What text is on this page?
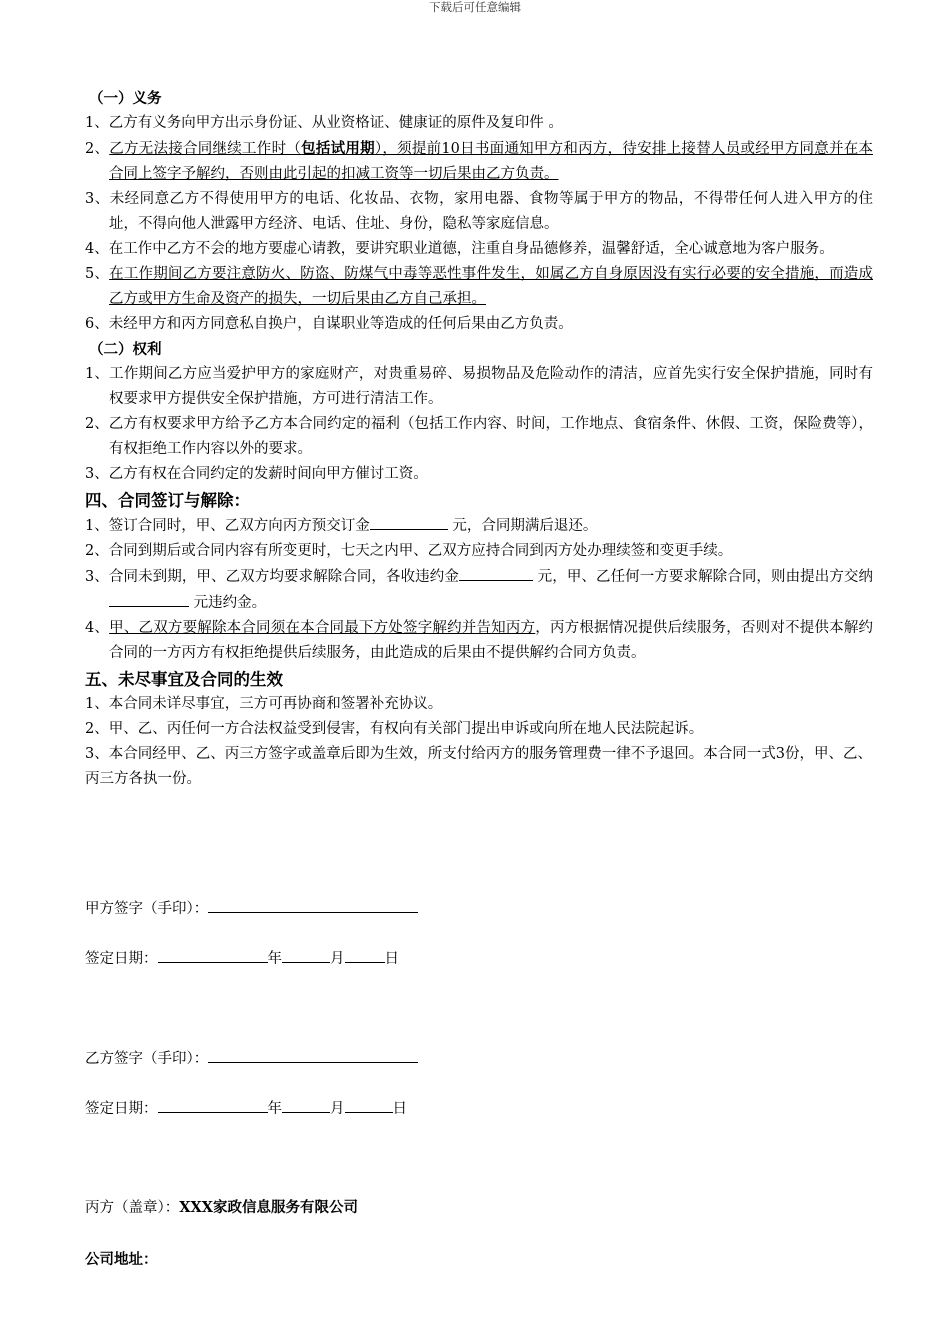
下载后可任意编辑
（一）义务
1、乙方有义务向甲方出示身份证、从业资格证、健康证的原件及复印件 。
2、乙方无法接合同继续工作时（包括试用期），须提前10日书面通知甲方和丙方，待安排上接替人员或经甲方同意并在本合同上签字予解约，否则由此引起的扣减工资等一切后果由乙方负责。
3、未经同意乙方不得使用甲方的电话、化妆品、衣物，家用电器、食物等属于甲方的物品，不得带任何人进入甲方的住址，不得向他人泄露甲方经济、电话、住址、身份，隐私等家庭信息。
4、在工作中乙方不会的地方要虚心请教，要讲究职业道德，注重自身品德修养，温馨舒适，全心诚意地为客户服务。
5、在工作期间乙方要注意防火、防盗、防煤气中毒等恶性事件发生，如属乙方自身原因没有实行必要的安全措施，而造成乙方或甲方生命及资产的损失，一切后果由乙方自己承担。
6、未经甲方和丙方同意私自换户，自谋职业等造成的任何后果由乙方负责。
（二）权利
1、工作期间乙方应当爱护甲方的家庭财产，对贵重易碎、易损物品及危险动作的清洁，应首先实行安全保护措施，同时有权要求甲方提供安全保护措施，方可进行清洁工作。
2、乙方有权要求甲方给予乙方本合同约定的福利（包括工作内容、时间，工作地点、食宿条件、休假、工资，保险费等），有权拒绝工作内容以外的要求。
3、乙方有权在合同约定的发薪时间向甲方催讨工资。
四、合同签订与解除：
1、签订合同时，甲、乙双方向丙方预交订金	元，合同期满后退还。
2、合同到期后或合同内容有所变更时，七天之内甲、乙双方应持合同到丙方处办理续签和变更手续。
3、合同未到期，甲、乙双方均要求解除合同，各收违约金	元，甲、乙任何一方要求解除合同，则由提出方交纳 元违约金。
4、甲、乙双方要解除本合同须在本合同最下方处签字解约并告知丙方，丙方根据情况提供后续服务，否则对不提供本解约合同的一方丙方有权拒绝提供后续服务，由此造成的后果由不提供解约合同方负责。
五、未尽事宜及合同的生效
1、本合同未详尽事宜，三方可再协商和签署补充协议。
2、甲、乙、丙任何一方合法权益受到侵害，有权向有关部门提出申诉或向所在地人民法院起诉。
3、本合同经甲、乙、丙三方签字或盖章后即为生效，所支付给丙方的服务管理费一律不予退回。本合同一式3份，甲、乙、丙三方各执一份。
甲方签字（手印）：
签定日期：	年	月	日
乙方签字（手印）：
签定日期：	年	月	日
丙方（盖章）：XXX家政信息服务有限公司
公司地址：
